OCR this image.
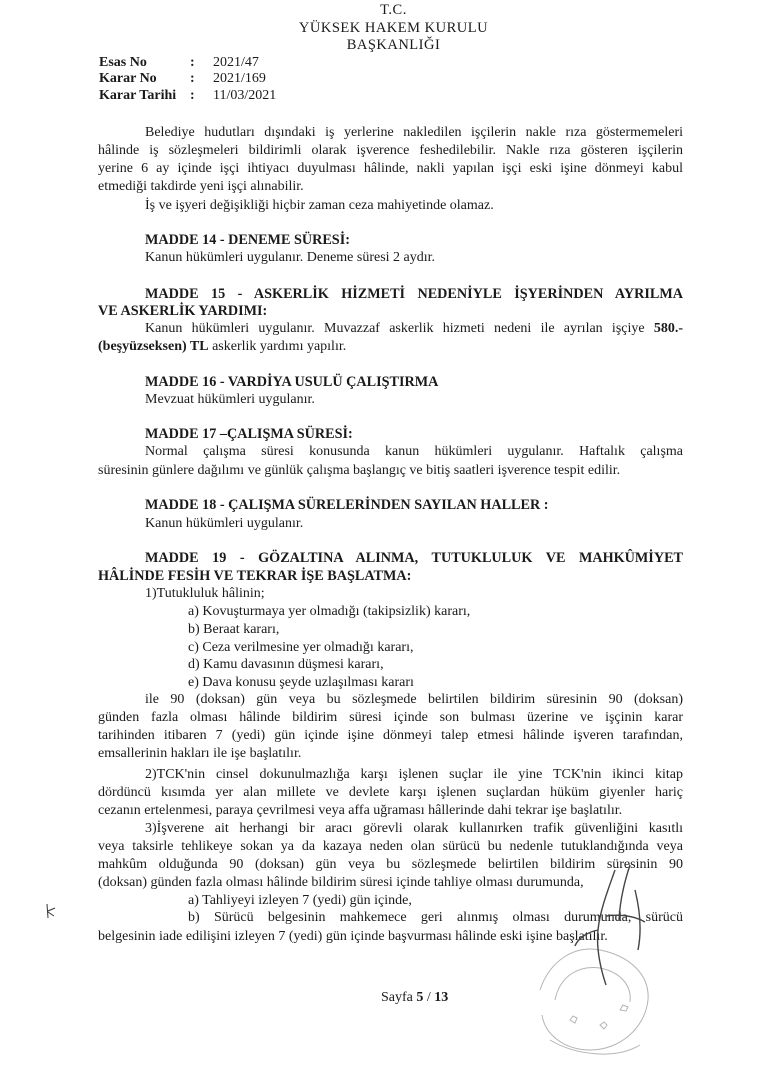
T.C.
YÜKSEK HAKEM KURULU
BAŞKANLIĞI
Esas No	: 2021/47
Karar No : 2021/169
Karar Tarihi : 11/03/2021
Belediye hudutları dışındaki iş yerlerine nakledilen işçilerin nakle rıza göstermemeleri
hâlinde iş sözleşmeleri bildirimli olarak işverence feshedilebilir. Nakle rıza gösteren işçilerin
yerine 6 ay içinde işçi ihtiyacı duyulması hâlinde, nakli yapılan işçi eski işine dönmeyi kabul
etmediği takdirde yeni işçi alınabilir.
İş ve işyeri değişikliği hiçbir zaman ceza mahiyetinde olamaz.
MADDE 14 - DENEME SÜRESİ:
Kanun hükümleri uygulanır. Deneme süresi 2 aydır.
MADDE 15 - ASKERLİK HİZMETİ NEDENİYLE İŞYERİNDEN AYRILMA
VE ASKERLİK YARDIMI:
Kanun hükümleri uygulanır. Muvazzaf askerlik hizmeti nedeni ile ayrılan işçiye 580.-
(beşyüzseksen) TL askerlik yardımı yapılır.
MADDE 16 - VARDİYA USULÜ ÇALIŞTIRMA
Mevzuat hükümleri uygulanır.
MADDE 17 –ÇALIŞMA SÜRESİ:
Normal çalışma süresi konusunda kanun hükümleri uygulanır. Haftalık çalışma
süresinin günlere dağılımı ve günlük çalışma başlangıç ve bitiş saatleri işverence tespit edilir.
MADDE 18 - ÇALIŞMA SÜRELERİNDEN SAYILAN HALLER :
Kanun hükümleri uygulanır.
MADDE 19 - GÖZALTINA ALINMA, TUTUKLULUK VE MAHKÛMİYET
HÂLİNDE FESİH VE TEKRAR İŞE BAŞLATMA:
1)Tutukluluk hâlinin;
a) Kovuşturmaya yer olmadığı (takipsizlik) kararı,
b) Beraat kararı,
c) Ceza verilmesine yer olmadığı kararı,
d) Kamu davasının düşmesi kararı,
e) Dava konusu şeyde uzlaşılması kararı
ile 90 (doksan) gün veya bu sözleşmede belirtilen bildirim süresinin 90 (doksan)
günden fazla olması hâlinde bildirim süresi içinde son bulması üzerine ve işçinin karar
tarihinden itibaren 7 (yedi) gün içinde işine dönmeyi talep etmesi hâlinde işveren tarafından,
emsallerinin hakları ile işe başlatılır.
2)TCK'nin cinsel dokunulmazlığa karşı işlenen suçlar ile yine TCK'nin ikinci kitap
dördüncü kısımda yer alan millete ve devlete karşı işlenen suçlardan hüküm giyenler hariç
cezanın ertelenmesi, paraya çevrilmesi veya affa uğraması hâllerinde dahi tekrar işe başlatılır.
3)İşverene ait herhangi bir aracı görevli olarak kullanırken trafik güvenliğini kasıtlı
veya taksirle tehlikeye sokan ya da kazaya neden olan sürücü bu nedenle tutuklandığında veya
mahkûm olduğunda 90 (doksan) gün veya bu sözleşmede belirtilen bildirim süresinin 90
(doksan) günden fazla olması hâlinde bildirim süresi içinde tahliye olması durumunda,
a) Tahliyeyi izleyen 7 (yedi) gün içinde,
b) Sürücü belgesinin mahkemece geri alınmış olması durumunda, sürücü
belgesinin iade edilişini izleyen 7 (yedi) gün içinde başvurması hâlinde eski işine başlatılır.
Sayfa 5 / 13
